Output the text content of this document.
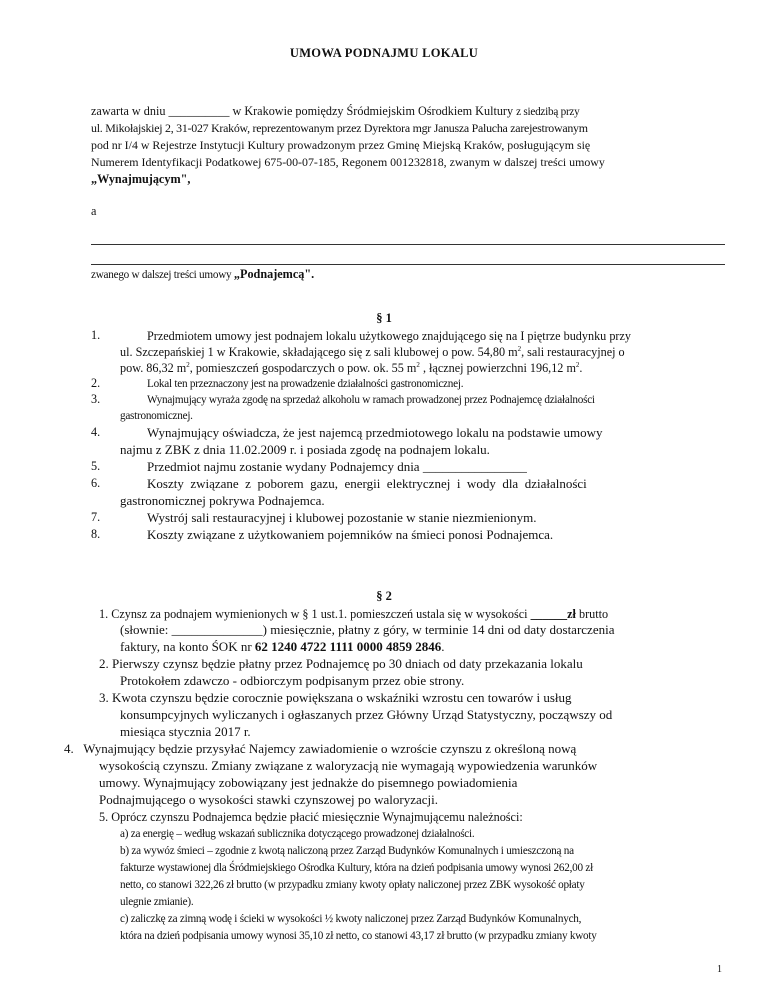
UMOWA PODNAJMU LOKALU
zawarta w dniu __________ w Krakowie pomiędzy Śródmiejskim Ośrodkiem Kultury z siedzibą przy
ul. Mikołajskiej 2, 31-027 Kraków, reprezentowanym przez Dyrektora mgr Janusza Palucha zarejestrowanym
pod nr I/4 w Rejestrze Instytucji Kultury prowadzonym przez Gminę Miejską Kraków, posługującym się
Numerem Identyfikacji Podatkowej 675-00-07-185, Regonem 001232818, zwanym w dalszej treści umowy
„Wynajmującym",
a
zwanego w dalszej treści umowy „Podnajemcą".
§ 1
1.	Przedmiotem umowy jest podnajem lokalu użytkowego znajdującego się na I piętrze budynku przy
ul. Szczepańskiej 1 w Krakowie, składającego się z sali klubowej o pow. 54,80 $m^2$, sali restauracyjnej o
pow. 86,32 $m^2$, pomieszczeń gospodarczych o pow. ok. 55 $m^2$ , łącznej powierzchni 196,12 $m^2$.
2.	Lokal ten przeznaczony jest na prowadzenie działalności gastronomicznej.
3.	Wynajmujący wyraża zgodę na sprzedaż alkoholu w ramach prowadzonej przez Podnajemcę działalności
gastronomicznej.
4.	Wynajmujący oświadcza, że jest najemcą przedmiotowego lokalu na podstawie umowy
najmu z ZBK z dnia 11.02.2009 r. i posiada zgodę na podnajem lokalu.
5.	Przedmiot najmu zostanie wydany Podnajemcy dnia ________________
6.	Koszty  związane  z  poborem  gazu,  energii  elektrycznej  i  wody  dla  działalności
gastronomicznej pokrywa Podnajemca.
7.	Wystrój sali restauracyjnej i klubowej pozostanie w stanie niezmienionym.
8.	Koszty związane z użytkowaniem pojemników na śmieci ponosi Podnajemca.
§ 2
1. Czynsz za podnajem wymienionych w § 1 ust.1. pomieszczeń ustala się w wysokości ______zł brutto
(słownie: ______________) miesięcznie, płatny z góry, w terminie 14 dni od daty dostarczenia
faktury, na konto ŚOK nr 62 1240 4722 1111 0000 4859 2846.
2. Pierwszy czynsz będzie płatny przez Podnajemcę po 30 dniach od daty przekazania lokalu
Protokołem zdawczo - odbiorczym podpisanym przez obie strony.
3. Kwota czynszu będzie corocznie powiększana o wskaźniki wzrostu cen towarów i usług
konsumpcyjnych wyliczanych i ogłaszanych przez Główny Urząd Statystyczny, począwszy od
miesiąca stycznia 2017 r.
4.   Wynajmujący będzie przysyłać Najemcy zawiadomienie o wzroście czynszu z określoną nową
wysokością czynszu. Zmiany związane z waloryzacją nie wymagają wypowiedzenia warunków
umowy. Wynajmujący zobowiązany jest jednakże do pisemnego powiadomienia
Podnajmującego o wysokości stawki czynszowej po waloryzacji.
5. Oprócz czynszu Podnajemca będzie płacić miesięcznie Wynajmującemu należności:
a) za energię – według wskazań sublicznika dotyczącego prowadzonej działalności.
b) za wywóz śmieci – zgodnie z kwotą naliczoną przez Zarząd Budynków Komunalnych i umieszczoną na
fakturze wystawionej dla Śródmiejskiego Ośrodka Kultury, która na dzień podpisania umowy wynosi 262,00 zł
netto, co stanowi 322,26 zł brutto (w przypadku zmiany kwoty opłaty naliczonej przez ZBK wysokość opłaty
ulegnie zmianie).
c) zaliczkę za zimną wodę i ścieki w wysokości ½ kwoty naliczonej przez Zarząd Budynków Komunalnych,
która na dzień podpisania umowy wynosi 35,10 zł netto, co stanowi 43,17 zł brutto (w przypadku zmiany kwoty
1
